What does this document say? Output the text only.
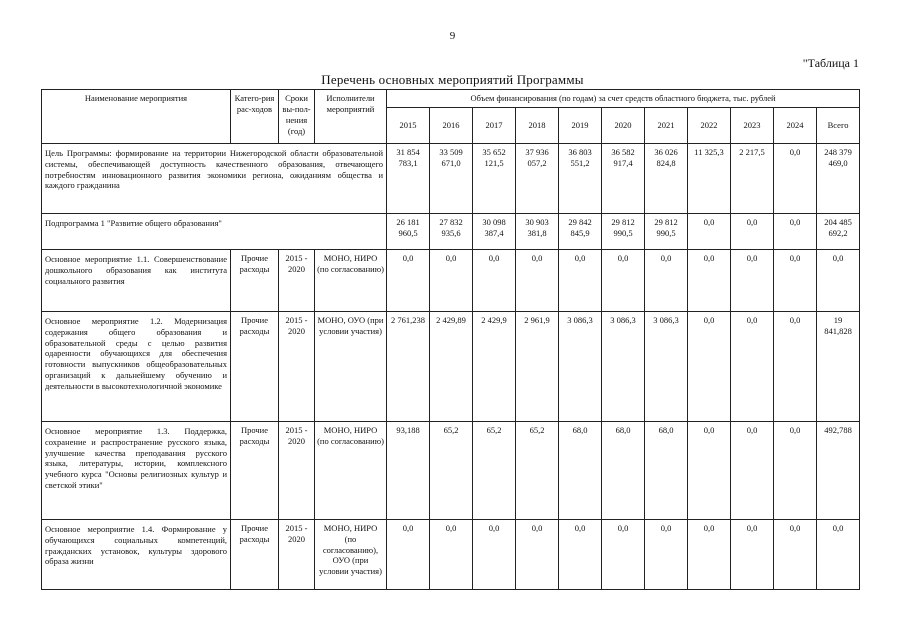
9
"Таблица 1
Перечень основных мероприятий Программы
Наименование мероприятия	Катего-рия рас-ходов	Сроки вы-пол-нения (год)	Исполнители мероприятий	Объем финансирования (по годам) за счет средств областного бюджета, тыс. рублей										
				2015	2016	2017	2018	2019	2020	2021	2022	2023	2024	Всего
Цель Программы: формирование на территории Нижегородской области образовательной системы, обеспечивающей доступность качественного образования, отвечающего потребностям инновационного развития экономики региона, ожиданиям общества и каждого гражданина				31 854 783,1	33 509 671,0	35 652 121,5	37 936 057,2	36 803 551,2	36 582 917,4	36 026 824,8	11 325,3	2 217,5	0,0	248 379 469,0
Подпрограмма 1 "Развитие общего образования"				26 181 960,5	27 832 935,6	30 098 387,4	30 903 381,8	29 842 845,9	29 812 990,5	29 812 990,5	0,0	0,0	0,0	204 485 692,2
Основное мероприятие 1.1. Совершенствование дошкольного образования как института социального развития	Прочие расходы	2015 - 2020	МОНО, НИРО (по согласованию)	0,0	0,0	0,0	0,0	0,0	0,0	0,0	0,0	0,0	0,0	0,0
Основное мероприятие 1.2. Модернизация содержания общего образования и образовательной среды с целью развития одаренности обучающихся для обеспечения готовности выпускников общеобразовательных организаций к дальнейшему обучению и деятельности в высокотехнологичной экономике	Прочие расходы	2015 - 2020	МОНО, ОУО (при условии участия)	2 761,238	2 429,89	2 429,9	2 961,9	3 086,3	3 086,3	3 086,3	0,0	0,0	0,0	19 841,828
Основное мероприятие 1.3. Поддержка, сохранение и распространение русского языка, улучшение качества преподавания русского языка, литературы, истории, комплексного учебного курса "Основы религиозных культур и светской этики"	Прочие расходы	2015 - 2020	МОНО, НИРО (по согласованию)	93,188	65,2	65,2	65,2	68,0	68,0	68,0	0,0	0,0	0,0	492,788
Основное мероприятие 1.4. Формирование у обучающихся социальных компетенций, гражданских установок, культуры здорового образа жизни	Прочие расходы	2015 - 2020	МОНО, НИРО (по согласованию), ОУО (при условии участия)	0,0	0,0	0,0	0,0	0,0	0,0	0,0	0,0	0,0	0,0	0,0
